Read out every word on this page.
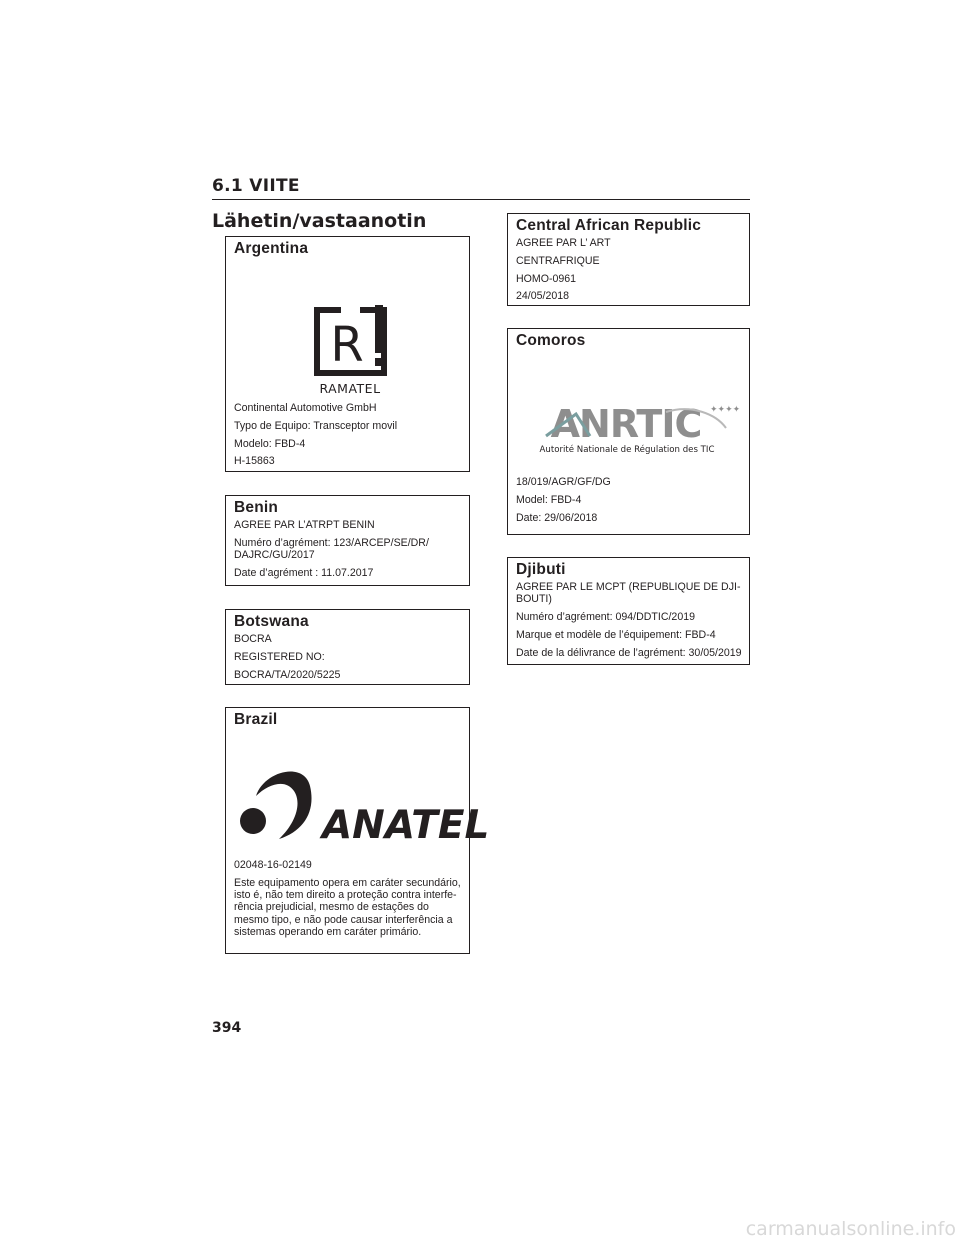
6.1 VIITE
Lähetin/vastaanotin
Argentina
R
RAMATEL

Continental Automotive GmbH

Typo de Equipo: Transceptor movil

Modelo: FBD-4

H-15863

Benin

AGREE PAR L’ATRPT BENIN

Numéro d’agrément: 123/ARCEP/SE/DR/

DAJRC/GU/2017

Date d’agrément : 11.07.2017

Botswana

BOCRA

REGISTERED NO:

BOCRA/TA/2020/5225

Brazil
ANATEL

02048-16-02149

Este equipamento opera em caráter secundário,

isto é, não tem direito a proteção contra interfe-

rência prejudicial, mesmo de estações do

mesmo tipo, e não pode causar interferência a

sistemas operando em caráter primário.

Central African Republic

AGREE PAR L’ ART

CENTRAFRIQUE

HOMO-0961

24/05/2018

Comoros
ANRTIC ✦✦✦✦
Autorité Nationale de Régulation des TIC

18/019/AGR/GF/DG

Model: FBD-4

Date: 29/06/2018

Djibuti

AGREE PAR LE MCPT (REPUBLIQUE DE DJI-

BOUTI)

Numéro d’agrément: 094/DDTIC/2019

Marque et modèle de l’équipement: FBD-4

Date de la délivrance de l’agrément: 30/05/2019

394
carmanualsonline.info
